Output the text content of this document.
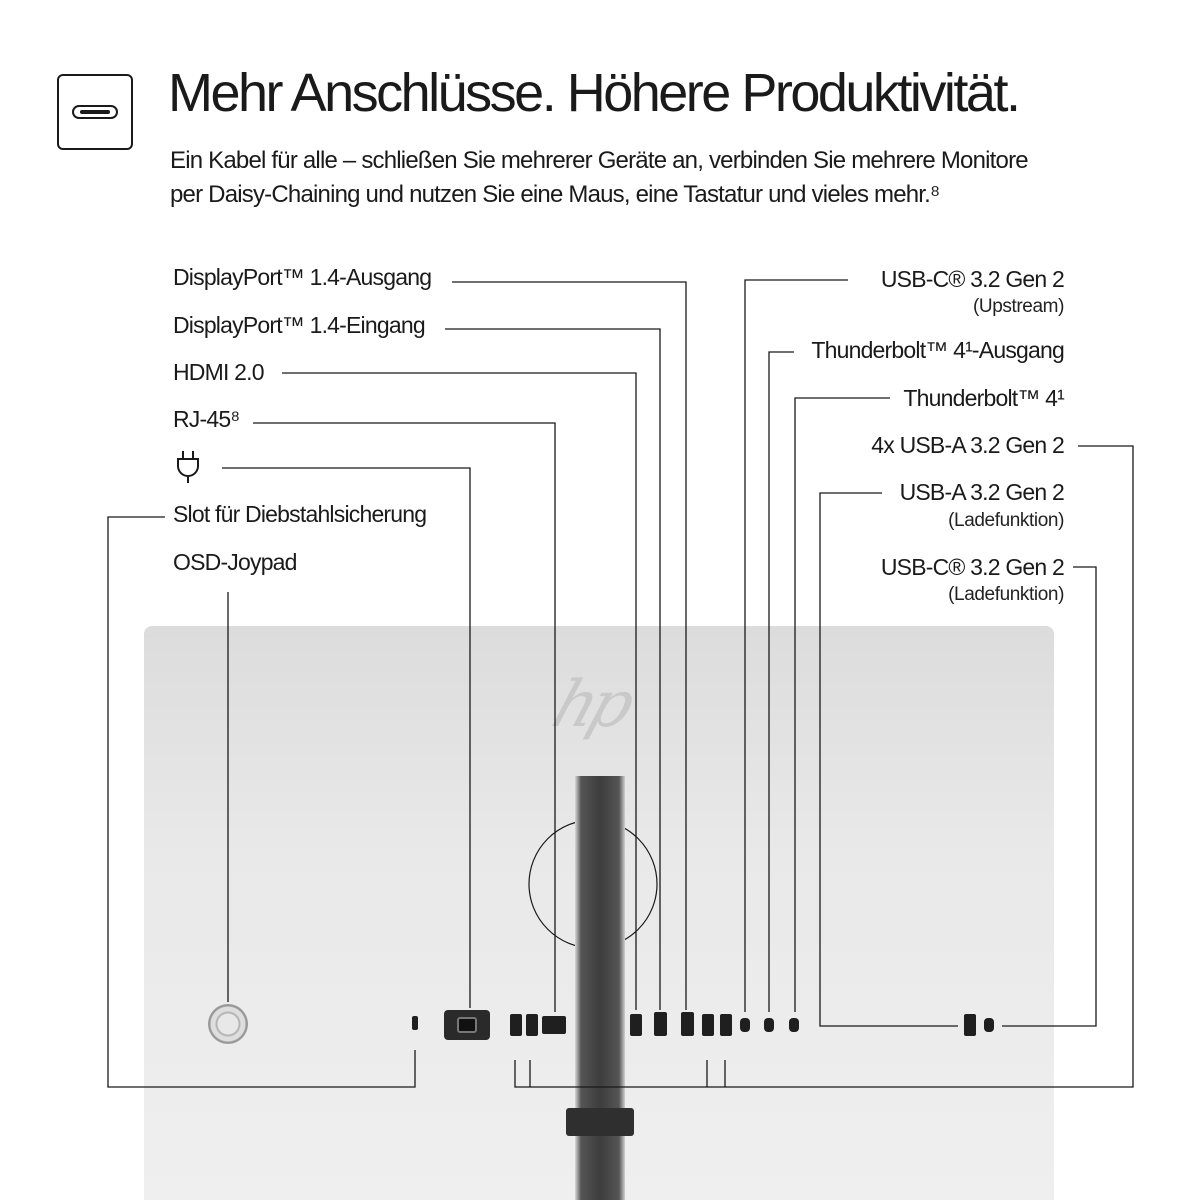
Mehr Anschlüsse. Höhere Produktivität.
Ein Kabel für alle – schließen Sie mehrerer Geräte an, verbinden Sie mehrere Monitore
per Daisy-Chaining und nutzen Sie eine Maus, eine Tastatur und vieles mehr.⁸
DisplayPort™ 1.4-Ausgang
DisplayPort™ 1.4-Eingang
HDMI 2.0
RJ-45⁸
Slot für Diebstahlsicherung
OSD-Joypad
USB-C® 3.2 Gen 2
(Upstream)
Thunderbolt™ 4¹-Ausgang
Thunderbolt™ 4¹
4x USB-A 3.2 Gen 2
USB-A 3.2 Gen 2
(Ladefunktion)
USB-C® 3.2 Gen 2
(Ladefunktion)
hp
